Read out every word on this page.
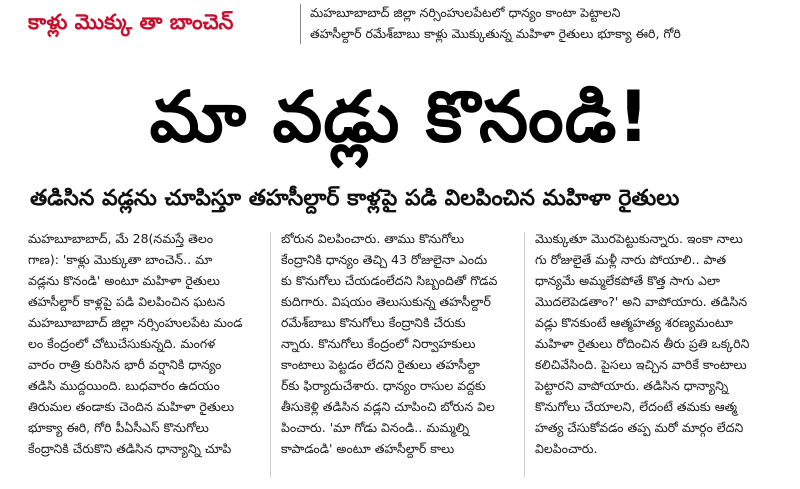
కాళ్లు మొక్కు తా బాంచెన్	మహబూబాబాద్ జిల్లా నర్సింహులపేటలో ధాన్యం కాంటా పెట్టాలని
తహసీల్దార్ రమేశ్‌బాబు కాళ్లు మొక్కుతున్న మహిళా రైతులు భూక్యా ఈరి, గోరి
మా వడ్లు కొనండి!
తడిసిన వడ్లను చూపిస్తూ తహసీల్దార్ కాళ్లపై పడి విలపించిన మహిళా రైతులు
మహబూబాబాద్, మే 28(నమస్తే తెలం
గాణ): 'కాళ్లు మొక్కుతా బాంచెన్.. మా
వడ్లను కొనండి' అంటూ మహిళా రైతులు
తహసీల్దార్ కాళ్లపై పడి విలపించిన ఘటన
మహబూబాబాద్ జిల్లా నర్సింహులపేట మండ
లం కేంద్రంలో చోటుచేసుకున్నది. మంగళ
వారం రాత్రి కురిసిన భారీ వర్షానికి ధాన్యం
తడిసి ముద్దయింది. బుధవారం ఉదయం
తిరుమల తండాకు చెందిన మహిళా రైతులు
భూక్యా ఈరి, గోరి పీఏసీఎస్ కొనుగోలు
కేంద్రానికి చేరుకొని తడిసిన ధాన్యాన్ని చూపి
బోరున విలపించారు. తాము కొనుగోలు
కేంద్రానికి ధాన్యం తెచ్చి 43 రోజులైనా ఎందు
కు కొనుగోలు చేయడంలేదని సిబ్బందితో గొడవ
కుదిగారు. విషయం తెలుసుకున్న తహసీల్దార్
రమేశ్‌బాబు కొనుగోలు కేంద్రానికి చేరుకు
న్నారు. కొనుగోలు కేంద్రంలో నిర్వాహకులు
కాంటాలు పెట్టడం లేదని రైతులు తహసీల్దా
ర్‌కు ఫిర్యాదుచేశారు. ధాన్యం రాసుల వద్దకు
తీసుకెళ్లి తడిసిన వడ్లని చూపించి బోరున విల
పించారు. 'మా గోడు వినండి.. మమ్మల్ని
కాపాడండి' అంటూ తహసీల్దార్ కాలు
మొక్కుతూ మొరపెట్టుకున్నారు. ఇంకా నాలు
గు రోజులైతే మళ్లీ నారు పోయాలి.. పాత
ధాన్యమే అమ్మలేకపోతే కొత్త సాగు ఎలా
మొదలెపెడతాం?' అని వాపోయారు. తడిసిన
వడ్లు కొనకుంటే ఆత్మహత్య శరణ్యమంటూ
మహిళా రైతులు రోదించిన తీరు ప్రతి ఒక్కరిని
కలిచివేసింది. పైసలు ఇచ్చిన వారికే కాంటాలు
పెట్టారని వాపోయారు. తడిసిన ధాన్యాన్ని
కొనుగోలు చేయాలని, లేదంటే తమకు ఆత్మ
హత్య చేసుకోవడం తప్ప మరో మార్గం లేదని
విలపించారు.
